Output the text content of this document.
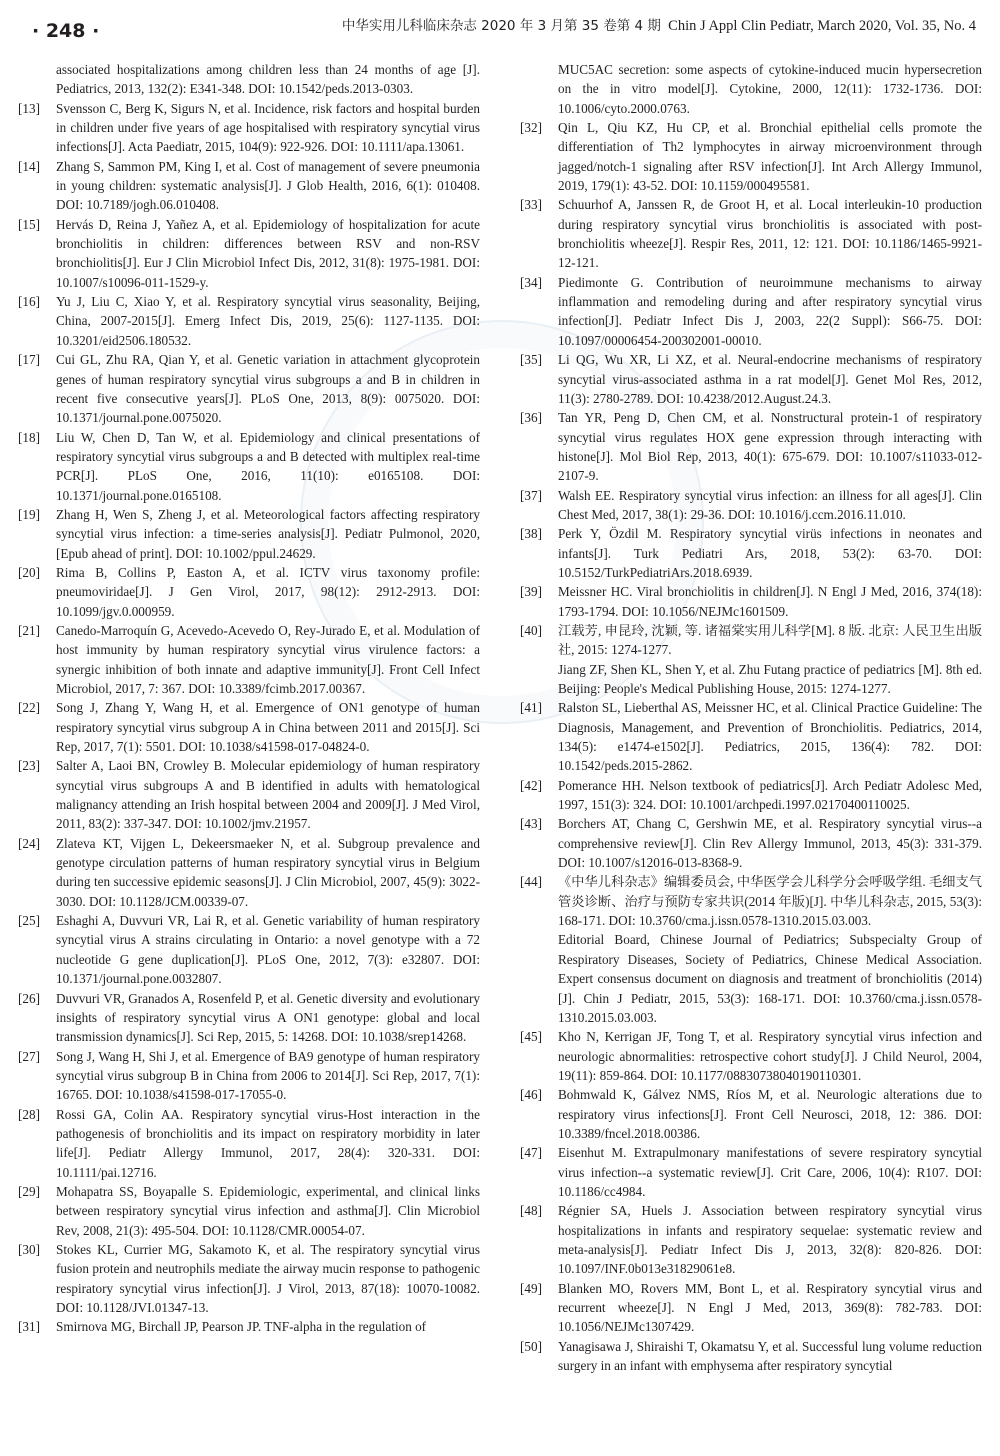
· 248 ·	中华实用儿科临床杂志 2020 年 3 月第 35 卷第 4 期 Chin J Appl Clin Pediatr, March 2020, Vol. 35, No. 4
associated hospitalizations among children less than 24 months of age [J]. Pediatrics, 2013, 132(2): E341-348. DOI: 10.1542/peds.2013-0303.
[13] Svensson C, Berg K, Sigurs N, et al. Incidence, risk factors and hospital burden in children under five years of age hospitalised with respiratory syncytial virus infections[J]. Acta Paediatr, 2015, 104(9): 922-926. DOI: 10.1111/apa.13061.
[14] Zhang S, Sammon PM, King I, et al. Cost of management of severe pneumonia in young children: systematic analysis[J]. J Glob Health, 2016, 6(1): 010408. DOI: 10.7189/jogh.06.010408.
[15] Hervás D, Reina J, Yañez A, et al. Epidemiology of hospitalization for acute bronchiolitis in children: differences between RSV and non-RSV bronchiolitis[J]. Eur J Clin Microbiol Infect Dis, 2012, 31(8): 1975-1981. DOI: 10.1007/s10096-011-1529-y.
[16] Yu J, Liu C, Xiao Y, et al. Respiratory syncytial virus seasonality, Beijing, China, 2007-2015[J]. Emerg Infect Dis, 2019, 25(6): 1127-1135. DOI: 10.3201/eid2506.180532.
[17] Cui GL, Zhu RA, Qian Y, et al. Genetic variation in attachment glycoprotein genes of human respiratory syncytial virus subgroups a and B in children in recent five consecutive years[J]. PLoS One, 2013, 8(9): 0075020. DOI: 10.1371/journal.pone.0075020.
[18] Liu W, Chen D, Tan W, et al. Epidemiology and clinical presentations of respiratory syncytial virus subgroups a and B detected with multiplex real-time PCR[J]. PLoS One, 2016, 11(10): e0165108. DOI: 10.1371/journal.pone.0165108.
[19] Zhang H, Wen S, Zheng J, et al. Meteorological factors affecting respiratory syncytial virus infection: a time-series analysis[J]. Pediatr Pulmonol, 2020, [Epub ahead of print]. DOI: 10.1002/ppul.24629.
[20] Rima B, Collins P, Easton A, et al. ICTV virus taxonomy profile: pneumoviridae[J]. J Gen Virol, 2017, 98(12): 2912-2913. DOI: 10.1099/jgv.0.000959.
[21] Canedo-Marroquín G, Acevedo-Acevedo O, Rey-Jurado E, et al. Modulation of host immunity by human respiratory syncytial virus virulence factors: a synergic inhibition of both innate and adaptive immunity[J]. Front Cell Infect Microbiol, 2017, 7: 367. DOI: 10.3389/fcimb.2017.00367.
[22] Song J, Zhang Y, Wang H, et al. Emergence of ON1 genotype of human respiratory syncytial virus subgroup A in China between 2011 and 2015[J]. Sci Rep, 2017, 7(1): 5501. DOI: 10.1038/s41598-017-04824-0.
[23] Salter A, Laoi BN, Crowley B. Molecular epidemiology of human respiratory syncytial virus subgroups A and B identified in adults with hematological malignancy attending an Irish hospital between 2004 and 2009[J]. J Med Virol, 2011, 83(2): 337-347. DOI: 10.1002/jmv.21957.
[24] Zlateva KT, Vijgen L, Dekeersmaeker N, et al. Subgroup prevalence and genotype circulation patterns of human respiratory syncytial virus in Belgium during ten successive epidemic seasons[J]. J Clin Microbiol, 2007, 45(9): 3022-3030. DOI: 10.1128/JCM.00339-07.
[25] Eshaghi A, Duvvuri VR, Lai R, et al. Genetic variability of human respiratory syncytial virus A strains circulating in Ontario: a novel genotype with a 72 nucleotide G gene duplication[J]. PLoS One, 2012, 7(3): e32807. DOI: 10.1371/journal.pone.0032807.
[26] Duvvuri VR, Granados A, Rosenfeld P, et al. Genetic diversity and evolutionary insights of respiratory syncytial virus A ON1 genotype: global and local transmission dynamics[J]. Sci Rep, 2015, 5: 14268. DOI: 10.1038/srep14268.
[27] Song J, Wang H, Shi J, et al. Emergence of BA9 genotype of human respiratory syncytial virus subgroup B in China from 2006 to 2014[J]. Sci Rep, 2017, 7(1): 16765. DOI: 10.1038/s41598-017-17055-0.
[28] Rossi GA, Colin AA. Respiratory syncytial virus-Host interaction in the pathogenesis of bronchiolitis and its impact on respiratory morbidity in later life[J]. Pediatr Allergy Immunol, 2017, 28(4): 320-331. DOI: 10.1111/pai.12716.
[29] Mohapatra SS, Boyapalle S. Epidemiologic, experimental, and clinical links between respiratory syncytial virus infection and asthma[J]. Clin Microbiol Rev, 2008, 21(3): 495-504. DOI: 10.1128/CMR.00054-07.
[30] Stokes KL, Currier MG, Sakamoto K, et al. The respiratory syncytial virus fusion protein and neutrophils mediate the airway mucin response to pathogenic respiratory syncytial virus infection[J]. J Virol, 2013, 87(18): 10070-10082. DOI: 10.1128/JVI.01347-13.
[31] Smirnova MG, Birchall JP, Pearson JP. TNF-alpha in the regulation of
MUC5AC secretion: some aspects of cytokine-induced mucin hypersecretion on the in vitro model[J]. Cytokine, 2000, 12(11): 1732-1736. DOI: 10.1006/cyto.2000.0763.
[32] Qin L, Qiu KZ, Hu CP, et al. Bronchial epithelial cells promote the differentiation of Th2 lymphocytes in airway microenvironment through jagged/notch-1 signaling after RSV infection[J]. Int Arch Allergy Immunol, 2019, 179(1): 43-52. DOI: 10.1159/000495581.
[33] Schuurhof A, Janssen R, de Groot H, et al. Local interleukin-10 production during respiratory syncytial virus bronchiolitis is associated with post-bronchiolitis wheeze[J]. Respir Res, 2011, 12: 121. DOI: 10.1186/1465-9921-12-121.
[34] Piedimonte G. Contribution of neuroimmune mechanisms to airway inflammation and remodeling during and after respiratory syncytial virus infection[J]. Pediatr Infect Dis J, 2003, 22(2 Suppl): S66-75. DOI: 10.1097/00006454-200302001-00010.
[35] Li QG, Wu XR, Li XZ, et al. Neural-endocrine mechanisms of respiratory syncytial virus-associated asthma in a rat model[J]. Genet Mol Res, 2012, 11(3): 2780-2789. DOI: 10.4238/2012.August.24.3.
[36] Tan YR, Peng D, Chen CM, et al. Nonstructural protein-1 of respiratory syncytial virus regulates HOX gene expression through interacting with histone[J]. Mol Biol Rep, 2013, 40(1): 675-679. DOI: 10.1007/s11033-012-2107-9.
[37] Walsh EE. Respiratory syncytial virus infection: an illness for all ages[J]. Clin Chest Med, 2017, 38(1): 29-36. DOI: 10.1016/j.ccm.2016.11.010.
[38] Perk Y, Özdil M. Respiratory syncytial virüs infections in neonates and infants[J]. Turk Pediatri Ars, 2018, 53(2): 63-70. DOI: 10.5152/TurkPediatriArs.2018.6939.
[39] Meissner HC. Viral bronchiolitis in children[J]. N Engl J Med, 2016, 374(18): 1793-1794. DOI: 10.1056/NEJMc1601509.
[40] 江载芳, 申昆玲, 沈颖, 等. 诸福棠实用儿科学[M]. 8 版. 北京: 人民卫生出版社, 2015: 1274-1277.
Jiang ZF, Shen KL, Shen Y, et al. Zhu Futang practice of pediatrics [M]. 8th ed. Beijing: People's Medical Publishing House, 2015: 1274-1277.
[41] Ralston SL, Lieberthal AS, Meissner HC, et al. Clinical Practice Guideline: The Diagnosis, Management, and Prevention of Bronchiolitis. Pediatrics, 2014, 134(5): e1474-e1502[J]. Pediatrics, 2015, 136(4): 782. DOI: 10.1542/peds.2015-2862.
[42] Pomerance HH. Nelson textbook of pediatrics[J]. Arch Pediatr Adolesc Med, 1997, 151(3): 324. DOI: 10.1001/archpedi.1997.02170400110025.
[43] Borchers AT, Chang C, Gershwin ME, et al. Respiratory syncytial virus--a comprehensive review[J]. Clin Rev Allergy Immunol, 2013, 45(3): 331-379. DOI: 10.1007/s12016-013-8368-9.
[44] 《中华儿科杂志》编辑委员会, 中华医学会儿科学分会呼吸学组. 毛细支气管炎诊断、治疗与预防专家共识(2014 年版)[J]. 中华儿科杂志, 2015, 53(3): 168-171. DOI: 10.3760/cma.j.issn.0578-1310.2015.03.003.
Editorial Board, Chinese Journal of Pediatrics; Subspecialty Group of Respiratory Diseases, Society of Pediatrics, Chinese Medical Association. Expert consensus document on diagnosis and treatment of bronchiolitis (2014)[J]. Chin J Pediatr, 2015, 53(3): 168-171. DOI: 10.3760/cma.j.issn.0578-1310.2015.03.003.
[45] Kho N, Kerrigan JF, Tong T, et al. Respiratory syncytial virus infection and neurologic abnormalities: retrospective cohort study[J]. J Child Neurol, 2004, 19(11): 859-864. DOI: 10.1177/08830738040190110301.
[46] Bohmwald K, Gálvez NMS, Ríos M, et al. Neurologic alterations due to respiratory virus infections[J]. Front Cell Neurosci, 2018, 12: 386. DOI: 10.3389/fncel.2018.00386.
[47] Eisenhut M. Extrapulmonary manifestations of severe respiratory syncytial virus infection--a systematic review[J]. Crit Care, 2006, 10(4): R107. DOI: 10.1186/cc4984.
[48] Régnier SA, Huels J. Association between respiratory syncytial virus hospitalizations in infants and respiratory sequelae: systematic review and meta-analysis[J]. Pediatr Infect Dis J, 2013, 32(8): 820-826. DOI: 10.1097/INF.0b013e31829061e8.
[49] Blanken MO, Rovers MM, Bont L, et al. Respiratory syncytial virus and recurrent wheeze[J]. N Engl J Med, 2013, 369(8): 782-783. DOI: 10.1056/NEJMc1307429.
[50] Yanagisawa J, Shiraishi T, Okamatsu Y, et al. Successful lung volume reduction surgery in an infant with emphysema after respiratory syncytial
